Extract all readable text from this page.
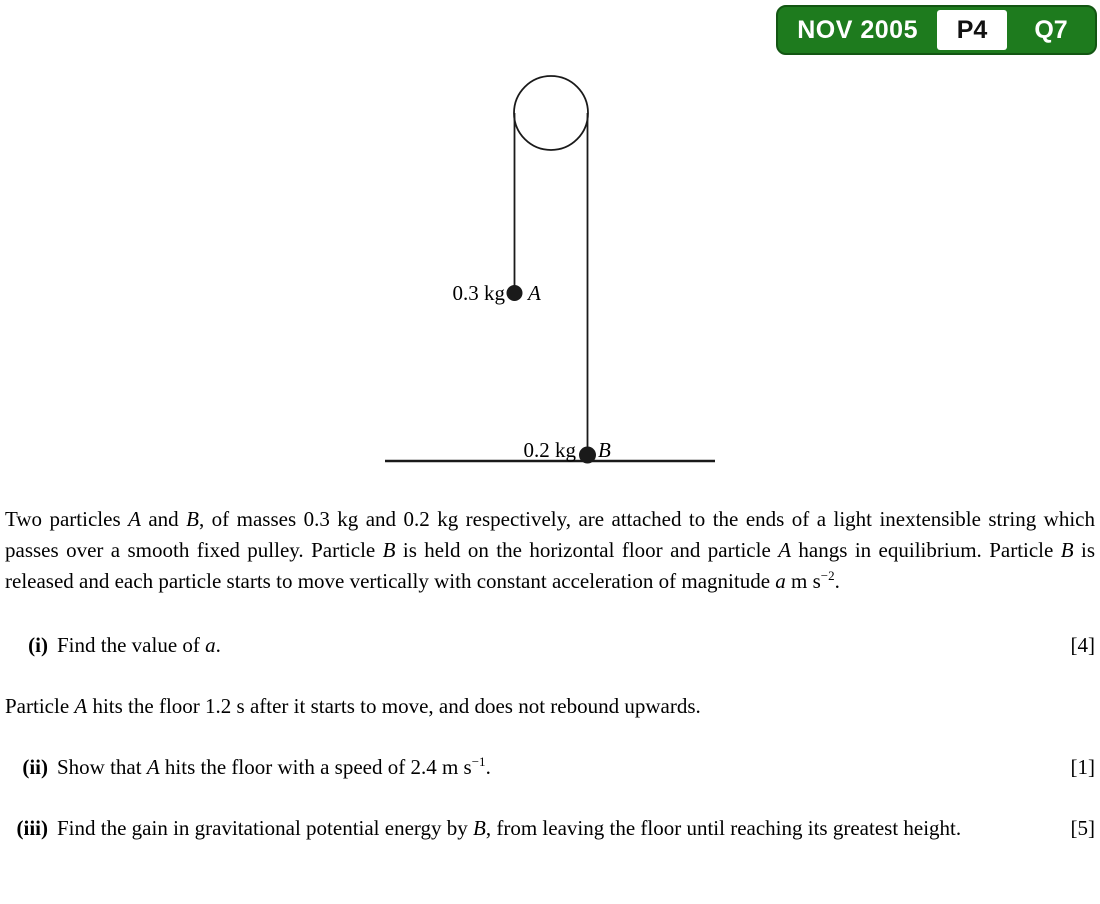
NOV 2005	P4	Q7
0.3 kg A
0.2 kg B

Two particles A and B, of masses 0.3 kg and 0.2 kg respectively, are attached to the ends of a light inextensible string which passes over a smooth fixed pulley. Particle B is held on the horizontal floor and particle A hangs in equilibrium. Particle B is released and each particle starts to move vertically with constant acceleration of magnitude a m $s^{-2}$.

(i) Find the value of a.	[4]

Particle A hits the floor 1.2 s after it starts to move, and does not rebound upwards.

(ii) Show that A hits the floor with a speed of 2.4 m $s^{-1}$.	[1]
(iii) Find the gain in gravitational potential energy by B, from leaving the floor until reaching its greatest height.	[5]
